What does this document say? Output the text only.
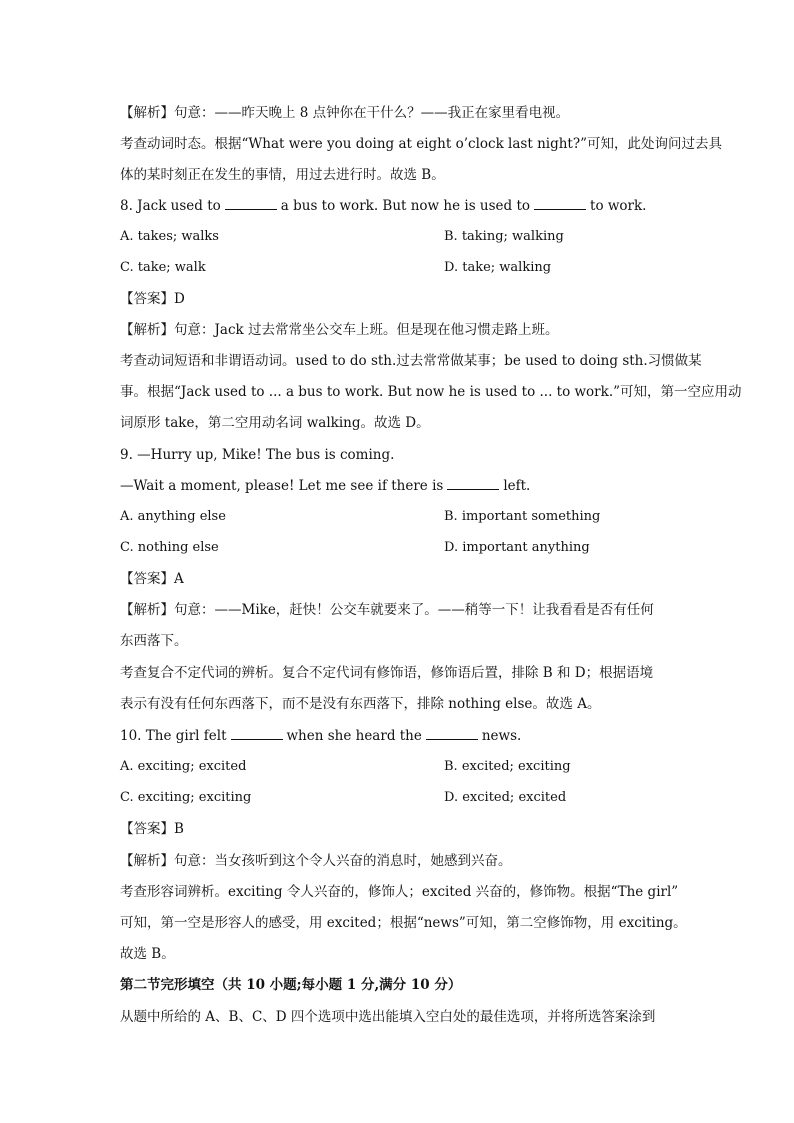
【解析】句意：——昨天晚上 8 点钟你在干什么？——我正在家里看电视。
考查动词时态。根据“What were you doing at eight o’clock last night?”可知，此处询问过去具
体的某时刻正在发生的事情，用过去进行时。故选 B。
8. Jack used to	a bus to work. But now he is used to	to work.
A. takes; walks	B. taking; walking
C. take; walk	D. take; walking
【答案】D
【解析】句意：Jack 过去常常坐公交车上班。但是现在他习惯走路上班。
考查动词短语和非谓语动词。used to do sth.过去常常做某事；be used to doing sth.习惯做某
事。根据“Jack used to ... a bus to work. But now he is used to ... to work.”可知，第一空应用动
词原形 take，第二空用动名词 walking。故选 D。
9. —Hurry up, Mike! The bus is coming.
—Wait a moment, please! Let me see if there is	left.
A. anything else	B. important something
C. nothing else	D. important anything
【答案】A
【解析】句意：——Mike，赶快！公交车就要来了。——稍等一下！让我看看是否有任何
东西落下。
考查复合不定代词的辨析。复合不定代词有修饰语，修饰语后置，排除 B 和 D；根据语境
表示有没有任何东西落下，而不是没有东西落下，排除 nothing else。故选 A。
10. The girl felt	when she heard the	news.
A. exciting; excited	B. excited; exciting
C. exciting; exciting	D. excited; excited
【答案】B
【解析】句意：当女孩听到这个令人兴奋的消息时，她感到兴奋。
考查形容词辨析。exciting 令人兴奋的，修饰人；excited 兴奋的，修饰物。根据“The girl”
可知，第一空是形容人的感受，用 excited；根据“news”可知，第二空修饰物，用 exciting。
故选 B。
第二节完形填空（共 10 小题;每小题 1 分,满分 10 分）
从题中所给的 A、B、C、D 四个选项中选出能填入空白处的最佳选项，并将所选答案涂到
